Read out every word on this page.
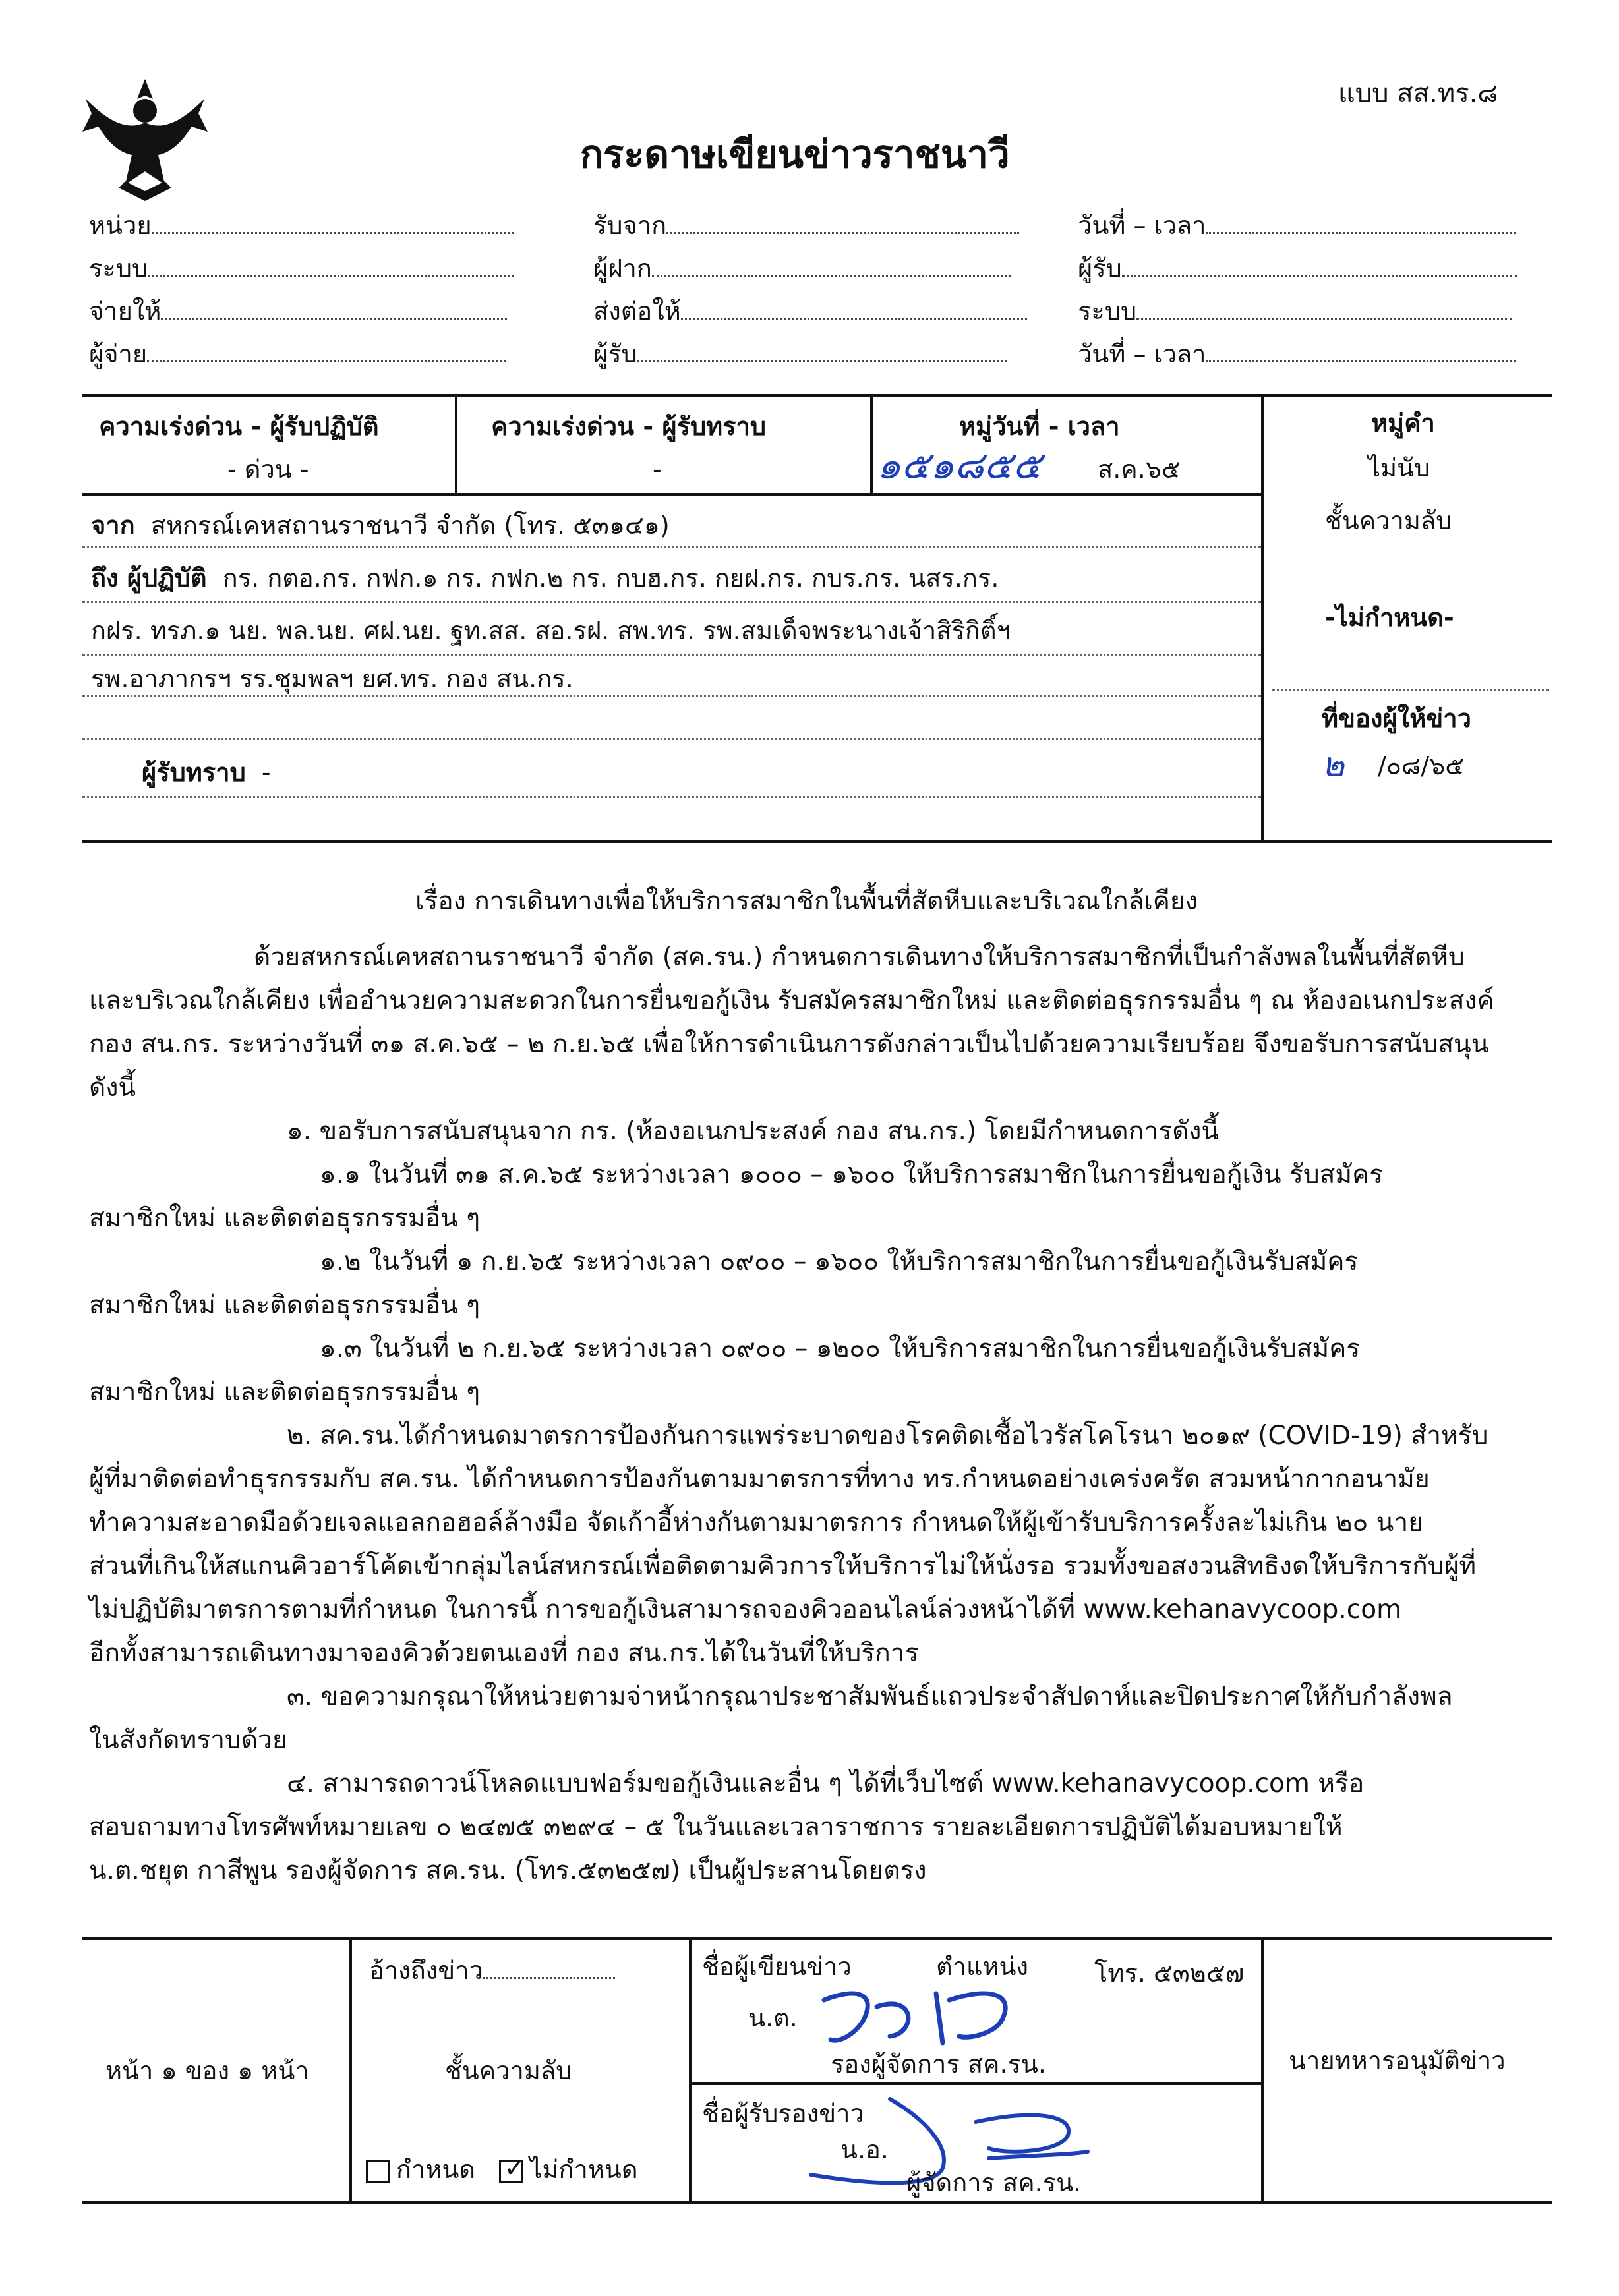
แบบ สส.ทร.๘
กระดาษเขียนข่าวราชนาวี
หน่วย
ระบบ
จ่ายให้
ผู้จ่าย
รับจาก
ผู้ฝาก
ส่งต่อให้
ผู้รับ
วันที่ – เวลา
ผู้รับ
ระบบ
วันที่ – เวลา
ความเร่งด่วน - ผู้รับปฏิบัติ
- ด่วน -
ความเร่งด่วน - ผู้รับทราบ
-
หมู่วันที่ - เวลา
๑๕๑๘๕๕ ส.ค.๖๕
หมู่คำ
ไม่นับ
จาก สหกรณ์เคหสถานราชนาวี จำกัด (โทร. ๕๓๑๔๑)
ถึง ผู้ปฏิบัติ กร. กตอ.กร. กฟก.๑ กร. กฟก.๒ กร. กบฮ.กร. กยฝ.กร. กบร.กร. นสร.กร.
กฝร. ทรภ.๑ นย. พล.นย. ศฝ.นย. ฐท.สส. สอ.รฝ. สพ.ทร. รพ.สมเด็จพระนางเจ้าสิริกิติ์ฯ
รพ.อาภากรฯ รร.ชุมพลฯ ยศ.ทร. กอง สน.กร.
ผู้รับทราบ -
ชั้นความลับ
-ไม่กำหนด-
ที่ของผู้ให้ข่าว
๒ /๐๘/๖๕
เรื่อง การเดินทางเพื่อให้บริการสมาชิกในพื้นที่สัตหีบและบริเวณใกล้เคียง
ด้วยสหกรณ์เคหสถานราชนาวี จำกัด (สค.รน.) กำหนดการเดินทางให้บริการสมาชิกที่เป็นกำลังพลในพื้นที่สัตหีบ
และบริเวณใกล้เคียง เพื่ออำนวยความสะดวกในการยื่นขอกู้เงิน รับสมัครสมาชิกใหม่ และติดต่อธุรกรรมอื่น ๆ ณ ห้องอเนกประสงค์
กอง สน.กร. ระหว่างวันที่ ๓๑ ส.ค.๖๕ – ๒ ก.ย.๖๕ เพื่อให้การดำเนินการดังกล่าวเป็นไปด้วยความเรียบร้อย จึงขอรับการสนับสนุน
ดังนี้
๑. ขอรับการสนับสนุนจาก กร. (ห้องอเนกประสงค์ กอง สน.กร.) โดยมีกำหนดการดังนี้
๑.๑ ในวันที่ ๓๑ ส.ค.๖๕ ระหว่างเวลา ๑๐๐๐ – ๑๖๐๐ ให้บริการสมาชิกในการยื่นขอกู้เงิน รับสมัคร
สมาชิกใหม่ และติดต่อธุรกรรมอื่น ๆ
๑.๒ ในวันที่ ๑ ก.ย.๖๕ ระหว่างเวลา ๐๙๐๐ – ๑๖๐๐ ให้บริการสมาชิกในการยื่นขอกู้เงินรับสมัคร
สมาชิกใหม่ และติดต่อธุรกรรมอื่น ๆ
๑.๓ ในวันที่ ๒ ก.ย.๖๕ ระหว่างเวลา ๐๙๐๐ – ๑๒๐๐ ให้บริการสมาชิกในการยื่นขอกู้เงินรับสมัคร
สมาชิกใหม่ และติดต่อธุรกรรมอื่น ๆ
๒. สค.รน.ได้กำหนดมาตรการป้องกันการแพร่ระบาดของโรคติดเชื้อไวรัสโคโรนา ๒๐๑๙ (COVID-19) สำหรับ
ผู้ที่มาติดต่อทำธุรกรรมกับ สค.รน. ได้กำหนดการป้องกันตามมาตรการที่ทาง ทร.กำหนดอย่างเคร่งครัด สวมหน้ากากอนามัย
ทำความสะอาดมือด้วยเจลแอลกอฮอล์ล้างมือ จัดเก้าอี้ห่างกันตามมาตรการ กำหนดให้ผู้เข้ารับบริการครั้งละไม่เกิน ๒๐ นาย
ส่วนที่เกินให้สแกนคิวอาร์โค้ดเข้ากลุ่มไลน์สหกรณ์เพื่อติดตามคิวการให้บริการไม่ให้นั่งรอ รวมทั้งขอสงวนสิทธิงดให้บริการกับผู้ที่
ไม่ปฏิบัติมาตรการตามที่กำหนด ในการนี้ การขอกู้เงินสามารถจองคิวออนไลน์ล่วงหน้าได้ที่ www.kehanavycoop.com
อีกทั้งสามารถเดินทางมาจองคิวด้วยตนเองที่ กอง สน.กร.ได้ในวันที่ให้บริการ
๓. ขอความกรุณาให้หน่วยตามจ่าหน้ากรุณาประชาสัมพันธ์แถวประจำสัปดาห์และปิดประกาศให้กับกำลังพล
ในสังกัดทราบด้วย
๔. สามารถดาวน์โหลดแบบฟอร์มขอกู้เงินและอื่น ๆ ได้ที่เว็บไซต์ www.kehanavycoop.com หรือ
สอบถามทางโทรศัพท์หมายเลข ๐ ๒๔๗๕ ๓๒๙๔ – ๕ ในวันและเวลาราชการ รายละเอียดการปฏิบัติได้มอบหมายให้
น.ต.ชยุต กาสีพูน รองผู้จัดการ สค.รน. (โทร.๕๓๒๕๗) เป็นผู้ประสานโดยตรง
หน้า ๑ ของ ๑ หน้า
อ้างถึงข่าว
ชั้นความลับ
กำหนด ✓ ไม่กำหนด
ชื่อผู้เขียนข่าว	ตำแหน่ง	โทร. ๕๓๒๕๗
น.ต.
รองผู้จัดการ สค.รน.
ชื่อผู้รับรองข่าว
น.อ.
ผู้จัดการ สค.รน.
นายทหารอนุมัติข่าว
